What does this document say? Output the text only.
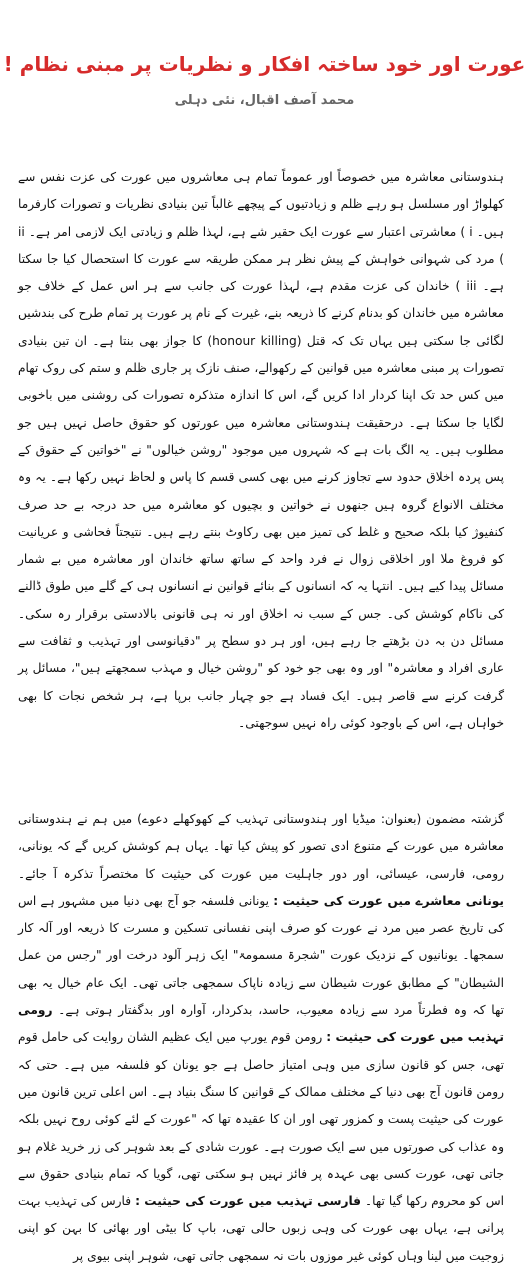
عورت اور خود ساختہ افکار و نظریات پر مبنی نظام !
محمد آصف اقبال، نئی دہلی

ہندوستانی معاشرہ میں خصوصاً اور عموماً تمام ہی معاشروں میں عورت کی عزت نفس سے کھلواڑ اور مسلسل ہو رہے ظلم و زیادتیوں کے پیچھے غالباً تین بنیادی نظریات و تصورات کارفرما ہیں۔ i ) معاشرتی اعتبار سے عورت ایک حقیر شے ہے، لہذا ظلم و زیادتی ایک لازمی امر ہے۔ ii ) مرد کی شہوانی خواہش کے پیش نظر ہر ممکن طریقہ سے عورت کا استحصال کیا جا سکتا ہے۔ iii ) خاندان کی عزت مقدم ہے، لہذا عورت کی جانب سے ہر اس عمل کے خلاف جو معاشرہ میں خاندان کو بدنام کرنے کا ذریعہ بنے، غیرت کے نام پر عورت پر تمام طرح کی بندشیں لگائی جا سکتی ہیں یہاں تک کہ قتل (honour killing) کا جواز بھی بنتا ہے۔ ان تین بنیادی تصورات پر مبنی معاشرہ میں قوانین کے رکھوالے، صنف نازک پر جاری ظلم و ستم کی روک تھام میں کس حد تک اپنا کردار ادا کریں گے، اس کا اندازہ متذکرہ تصورات کی روشنی میں باخوبی لگایا جا سکتا ہے۔ درحقیقت ہندوستانی معاشرہ میں عورتوں کو حقوق حاصل نہیں ہیں جو مطلوب ہیں۔ یہ الگ بات ہے کہ شہروں میں موجود "روشن خیالوں" نے "خواتین کے حقوق کے پس پردہ اخلاق حدود سے تجاوز کرنے میں بھی کسی قسم کا پاس و لحاظ نہیں رکھا ہے۔ یہ وہ مختلف الانواع گروہ ہیں جنھوں نے خواتین و بچیوں کو معاشرہ میں حد درجہ بے حد صرف کنفیوژ کیا بلکہ صحیح و غلط کی تمیز میں بھی رکاوٹ بنتے رہے ہیں۔ نتیجتاً فحاشی و عریانیت کو فروغ ملا اور اخلاقی زوال نے فرد واحد کے ساتھ ساتھ خاندان اور معاشرہ میں بے شمار مسائل پیدا کیے ہیں۔ انتہا یہ کہ انسانوں کے بنائے قوانین نے انسانوں ہی کے گلے میں طوق ڈالنے کی ناکام کوشش کی۔ جس کے سبب نہ اخلاق اور نہ ہی قانونی بالادستی برقرار رہ سکی۔ مسائل دن بہ دن بڑھتے جا رہے ہیں، اور ہر دو سطح پر "دقیانوسی اور تہذیب و ثقافت سے عاری افراد و معاشرہ" اور وہ بھی جو خود کو "روشن خیال و مہذب سمجھتے ہیں"، مسائل پر گرفت کرنے سے قاصر ہیں۔ ایک فساد ہے جو چہار جانب برپا ہے، ہر شخص نجات کا بھی خواہاں ہے، اس کے باوجود کوئی راہ نہیں سوجھتی۔

گزشتہ مضمون (بعنوان: میڈیا اور ہندوستانی تہذیب کے کھوکھلے دعوے) میں ہم نے ہندوستانی معاشرہ میں عورت کے متنوع ادی تصور کو پیش کیا تھا۔ یہاں ہم کوشش کریں گے کہ یونانی، رومی، فارسی، عیسائی، اور دور جاہلیت میں عورت کی حیثیت کا مختصراً تذکرہ آ جائے۔ یونانی معاشرے میں عورت کی حیثیت : یونانی فلسفہ جو آج بھی دنیا میں مشہور ہے اس کی تاریخ عصر میں مرد نے عورت کو صرف اپنی نفسانی تسکین و مسرت کا ذریعہ اور آلہ کار سمجھا۔ یونانیوں کے نزدیک عورت "شجرۃ مسمومۃ" ایک زہر آلود درخت اور "رجس من عمل الشیطان" کے مطابق عورت شیطان سے زیادہ ناپاک سمجھی جاتی تھی۔ ایک عام خیال یہ بھی تھا کہ وہ فطرتاً مرد سے زیادہ معیوب، حاسد، بدکردار، آوارہ اور بدگفتار ہوتی ہے۔ رومی تہذیب میں عورت کی حیثیت : رومن قوم یورپ میں ایک عظیم الشان روایت کی حامل قوم تھی، جس کو قانون سازی میں وہی امتیاز حاصل ہے جو یونان کو فلسفہ میں ہے۔ حتی کہ رومن قانون آج بھی دنیا کے مختلف ممالک کے قوانین کا سنگ بنیاد ہے۔ اس اعلی ترین قانون میں عورت کی حیثیت پست و کمزور تھی اور ان کا عقیدہ تھا کہ "عورت کے لئے کوئی روح نہیں بلکہ وہ عذاب کی صورتوں میں سے ایک صورت ہے۔ عورت شادی کے بعد شوہر کی زر خرید غلام ہو جاتی تھی، عورت کسی بھی عہدہ پر فائز نہیں ہو سکتی تھی، گویا کہ تمام بنیادی حقوق سے اس کو محروم رکھا گیا تھا۔ فارسی تہذیب میں عورت کی حیثیت : فارس کی تہذیب بہت پرانی ہے، یہاں بھی عورت کی وہی زبوں حالی تھی، باپ کا بیٹی اور بھائی کا بہن کو اپنی زوجیت میں لینا وہاں کوئی غیر موزوں بات نہ سمجھی جاتی تھی، شوہر اپنی بیوی پر
